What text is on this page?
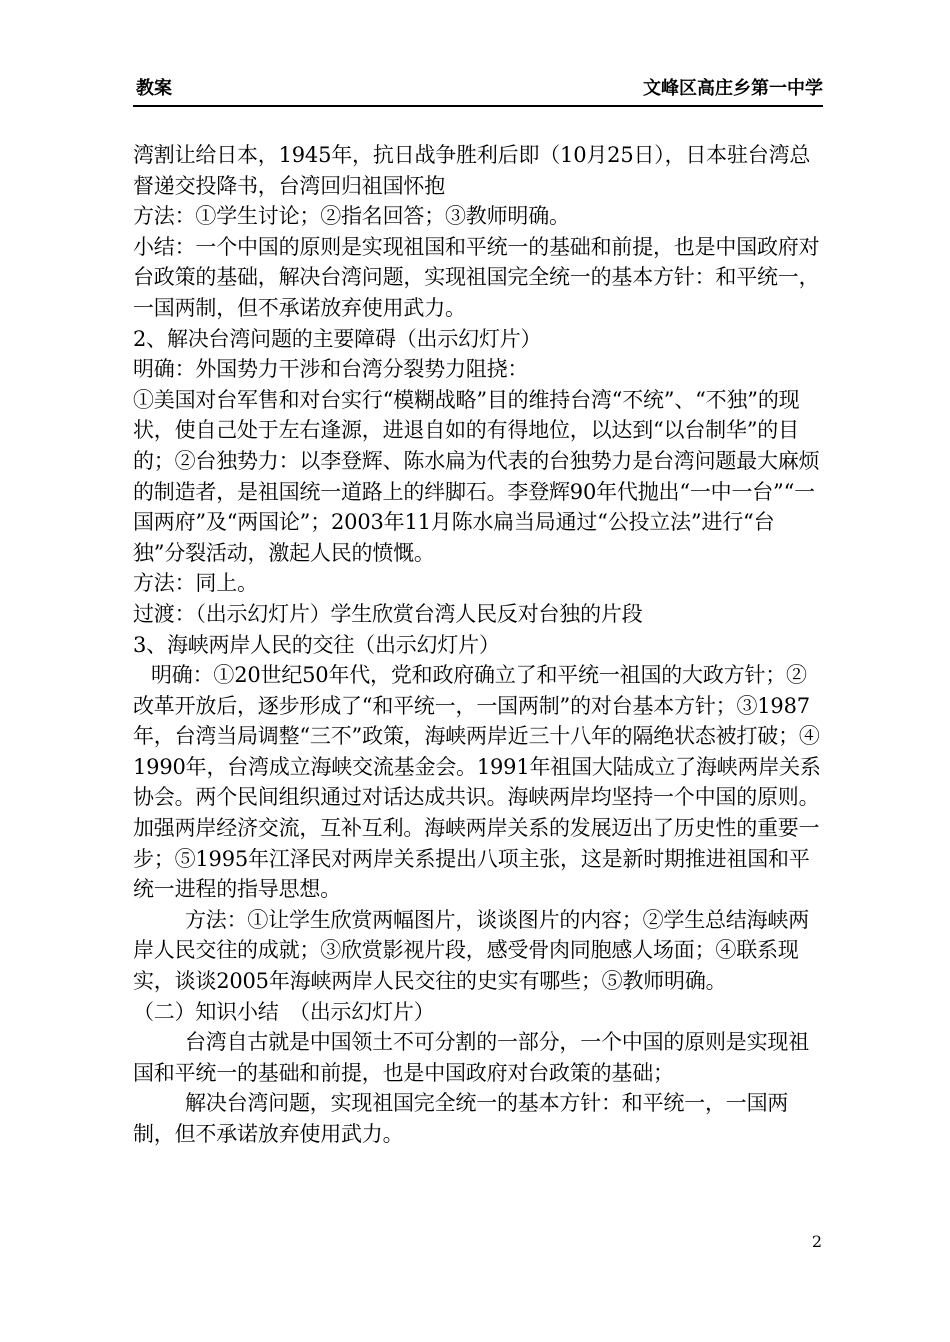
教案	文峰区高庄乡第一中学

湾割让给日本，1945年，抗日战争胜利后即（10月25日），日本驻台湾总督递交投降书，台湾回归祖国怀抱

方法：①学生讨论；②指名回答；③教师明确。

小结：一个中国的原则是实现祖国和平统一的基础和前提，也是中国政府对台政策的基础，解决台湾问题，实现祖国完全统一的基本方针：和平统一，一国两制，但不承诺放弃使用武力。

2、解决台湾问题的主要障碍（出示幻灯片）

明确：外国势力干涉和台湾分裂势力阻挠：

①美国对台军售和对台实行“模糊战略”目的维持台湾“不统”、“不独”的现状，使自己处于左右逢源，进退自如的有得地位，以达到“以台制华”的目的；②台独势力：以李登辉、陈水扁为代表的台独势力是台湾问题最大麻烦的制造者，是祖国统一道路上的绊脚石。李登辉90年代抛出“一中一台”“一国两府”及“两国论”；2003年11月陈水扁当局通过“公投立法”进行“台独”分裂活动，激起人民的愤慨。

方法：同上。

过渡：（出示幻灯片）学生欣赏台湾人民反对台独的片段

3、海峡两岸人民的交往（出示幻灯片）

明确：①20世纪50年代，党和政府确立了和平统一祖国的大政方针；②改革开放后，逐步形成了“和平统一，一国两制”的对台基本方针；③1987年，台湾当局调整“三不”政策，海峡两岸近三十八年的隔绝状态被打破；④1990年，台湾成立海峡交流基金会。1991年祖国大陆成立了海峡两岸关系协会。两个民间组织通过对话达成共识。海峡两岸均坚持一个中国的原则。加强两岸经济交流，互补互利。海峡两岸关系的发展迈出了历史性的重要一步；⑤1995年江泽民对两岸关系提出八项主张，这是新时期推进祖国和平统一进程的指导思想。

方法：①让学生欣赏两幅图片，谈谈图片的内容；②学生总结海峡两岸人民交往的成就；③欣赏影视片段，感受骨肉同胞感人场面；④联系现实，谈谈2005年海峡两岸人民交往的史实有哪些；⑤教师明确。

（二）知识小结　（出示幻灯片）

台湾自古就是中国领土不可分割的一部分，一个中国的原则是实现祖国和平统一的基础和前提，也是中国政府对台政策的基础；

解决台湾问题，实现祖国完全统一的基本方针：和平统一，一国两制，但不承诺放弃使用武力。

2
